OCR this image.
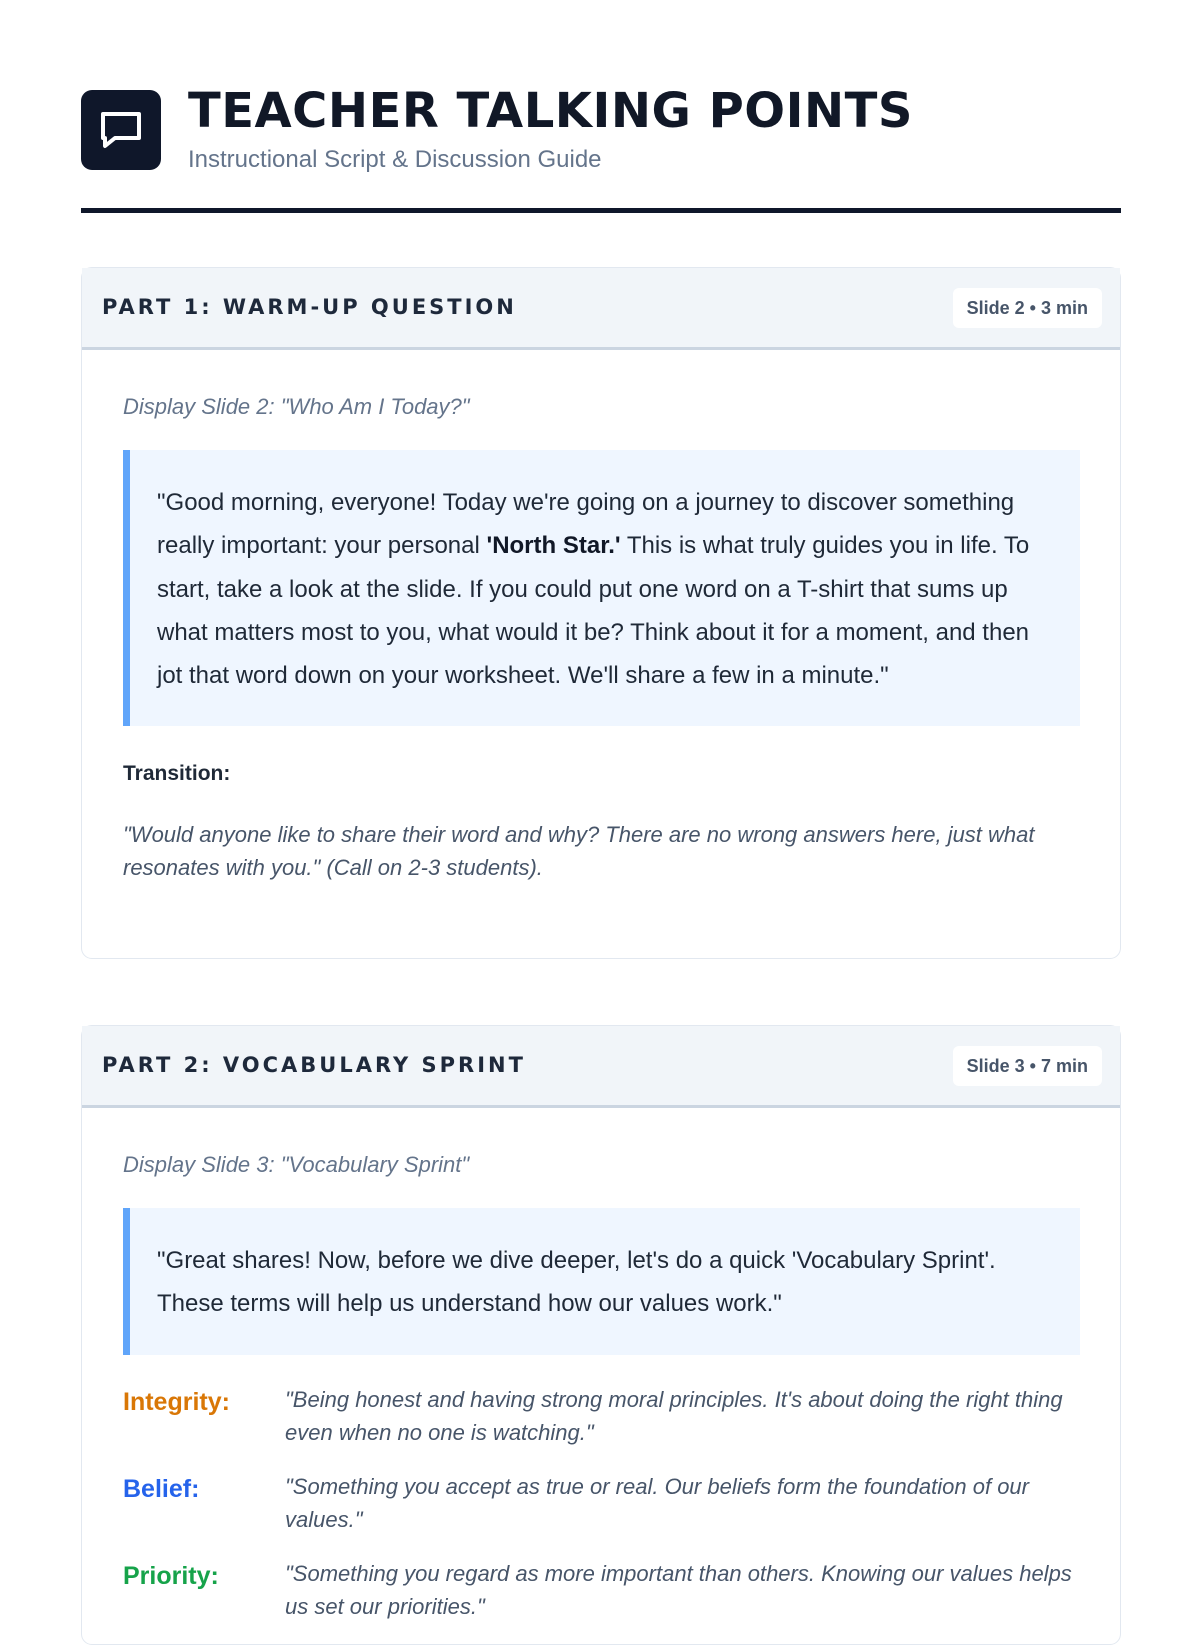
TEACHER TALKING POINTS
Instructional Script & Discussion Guide
PART 1: WARM-UP QUESTION	Slide 2 • 3 min
Display Slide 2: "Who Am I Today?"
"Good morning, everyone! Today we're going on a journey to discover something really important: your personal 'North Star.' This is what truly guides you in life. To start, take a look at the slide. If you could put one word on a T-shirt that sums up what matters most to you, what would it be? Think about it for a moment, and then jot that word down on your worksheet. We'll share a few in a minute."
Transition:
"Would anyone like to share their word and why? There are no wrong answers here, just what resonates with you." (Call on 2-3 students).
PART 2: VOCABULARY SPRINT	Slide 3 • 7 min
Display Slide 3: "Vocabulary Sprint"
"Great shares! Now, before we dive deeper, let's do a quick 'Vocabulary Sprint'. These terms will help us understand how our values work."
Integrity:	"Being honest and having strong moral principles. It's about doing the right thing even when no one is watching."
Belief:	"Something you accept as true or real. Our beliefs form the foundation of our values."
Priority:	"Something you regard as more important than others. Knowing our values helps us set our priorities."
